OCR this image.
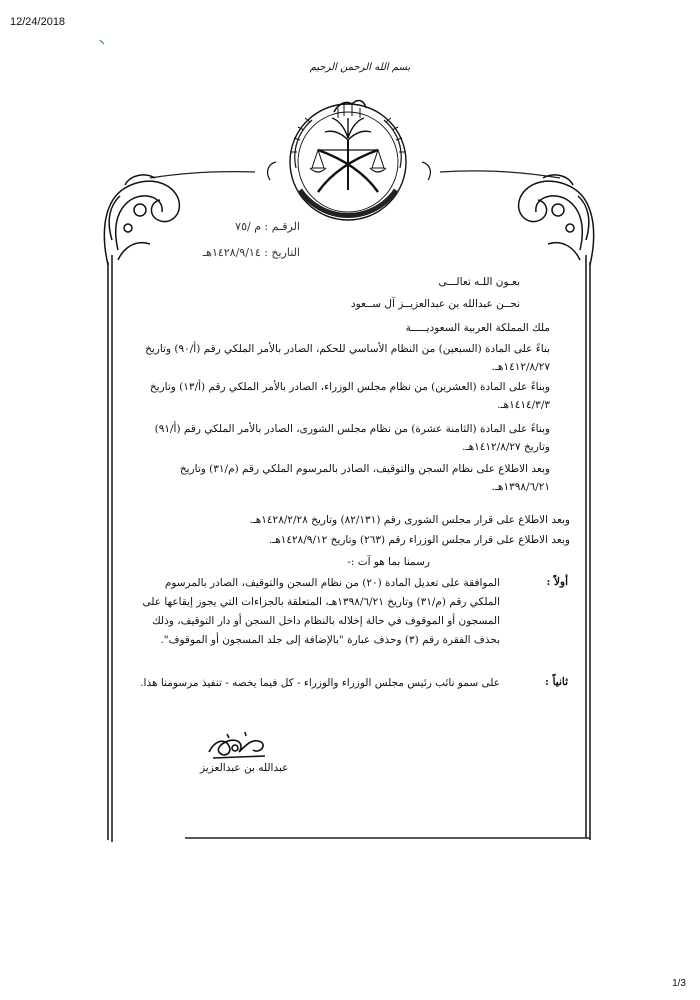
12/24/2018
بسم الله الرحمن الرحيم
الرقـم : م /٧٥
التاريخ : ١٤٢٨/٩/١٤هـ
بعـون اللـه تعالـــى
نحــن عبدالله بن عبدالعزيــز آل ســعود
ملك المملكة العربية السعوديـــــة
بناءً على المادة (السبعين) من النظام الأساسي للحكم، الصادر بالأمر الملكي رقم (أ/٩٠) وتاريخ ١٤١٢/٨/٢٧هـ.
وبناءً على المادة (العشرين) من نظام مجلس الوزراء، الصادر بالأمر الملكي رقم (أ/١٣) وتاريخ ١٤١٤/٣/٣هـ.
وبناءً على المادة (الثامنة عشرة) من نظام مجلس الشورى، الصادر بالأمر الملكي رقم (أ/٩١) وتاريخ ١٤١٢/٨/٢٧هـ.
وبعد الاطلاع على نظام السجن والتوقيف، الصادر بالمرسوم الملكي رقم (م/٣١) وتاريخ ١٣٩٨/٦/٢١هـ.
وبعد الاطلاع على قرار مجلس الشورى رقم (٨٢/١٣١) وتاريخ ١٤٢٨/٢/٢٨هـ.
وبعد الاطلاع على قرار مجلس الوزراء رقم (٢٦٣) وتاريخ ١٤٢٨/٩/١٢هـ.
رسمنا بما هو آت :-
أولاً :
الموافقة على تعديل المادة (٢٠) من نظام السجن والتوقيف، الصادر بالمرسوم الملكي رقم (م/٣١) وتاريخ ١٣٩٨/٦/٢١هـ، المتعلقة بالجزاءات التي يجوز إيقاعها على المسجون أو الموقوف في حالة إخلاله بالنظام داخل السجن أو دار التوقيف، وذلك بحذف الفقرة رقم (٣) وحذف عبارة "بالإضافة إلى جلد المسجون أو الموقوف".
ثانياً :
على سمو نائب رئيس مجلس الوزراء والوزراء - كل فيما يخصه - تنفيذ مرسومنا هذا.
عبدالله بن عبدالعزيز
1/3
